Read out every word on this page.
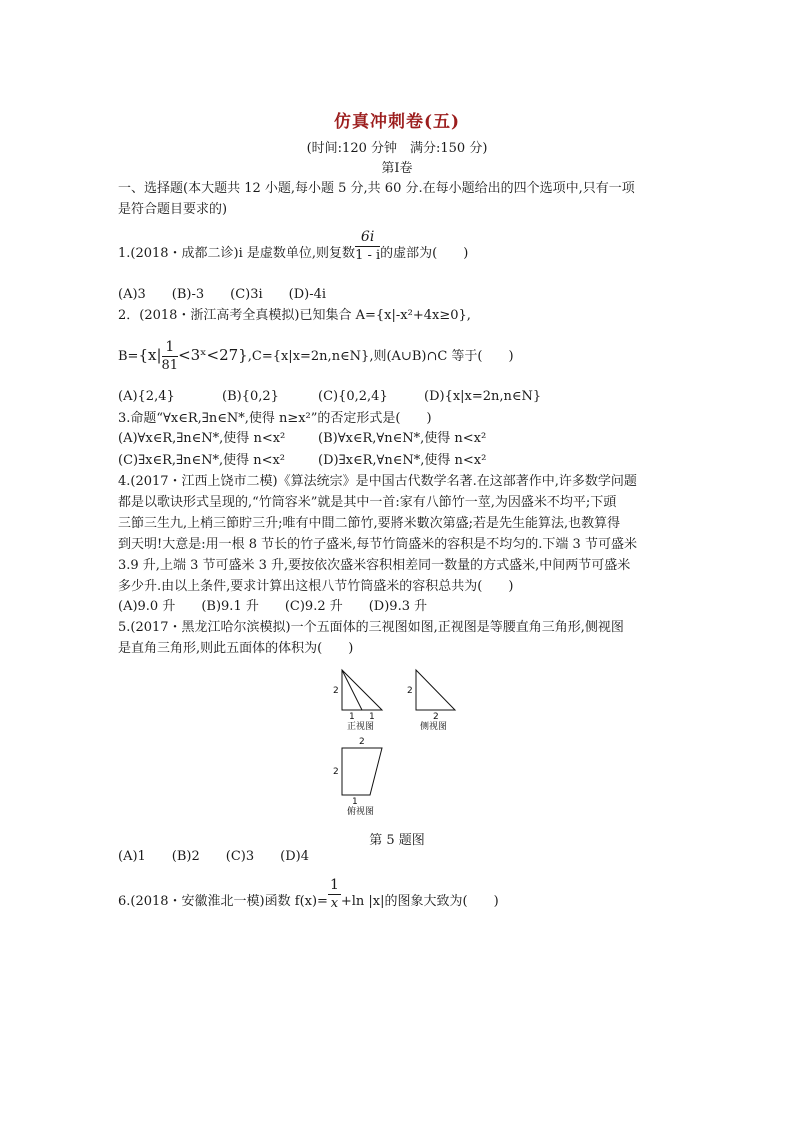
仿真冲刺卷(五)
(时间:120 分钟　满分:150 分)
第Ⅰ卷
一、选择题(本大题共 12 小题,每小题 5 分,共 60 分.在每小题给出的四个选项中,只有一项
是符合题目要求的)
1.(2018・成都二诊)i 是虚数单位,则复数 $\frac{6i}{1 - i}$ 的虚部为(　　)
(A)3　　(B)-3　　(C)3i　　(D)-4i
2．(2018・浙江高考全真模拟)已知集合 A={x|-x²+4x≥0},
$B=\{x| \frac{1}{81}$ <3ˣ<27},C={x|x=2n,n∈N},则(A∪B)∩C 等于(　　)
(A){2,4}	(B){0,2}	(C){0,2,4}	(D){x|x=2n,n∈N}
3.命题“∀x∈R,∃n∈N*,使得 n≥x²”的否定形式是(　　)
(A)∀x∈R,∃n∈N*,使得 n<x²	(B)∀x∈R,∀n∈N*,使得 n<x²
(C)∃x∈R,∃n∈N*,使得 n<x²	(D)∃x∈R,∀n∈N*,使得 n<x²
4.(2017・江西上饶市二模)《算法统宗》是中国古代数学名著.在这部著作中,许多数学问题
都是以歌诀形式呈现的,“竹筒容米”就是其中一首:家有八節竹一莖,为因盛米不均平;下頭
三節三生九,上梢三節貯三升;唯有中間二節竹,要將米數次第盛;若是先生能算法,也教算得
到天明!大意是:用一根 8 节长的竹子盛米,每节竹筒盛米的容积是不均匀的.下端 3 节可盛米
3.9 升,上端 3 节可盛米 3 升,要按依次盛米容积相差同一数量的方式盛米,中间两节可盛米
多少升.由以上条件,要求计算出这根八节竹筒盛米的容积总共为(　　)
(A)9.0 升　　(B)9.1 升　　(C)9.2 升　　(D)9.3 升
5.(2017・黑龙江哈尔滨模拟)一个五面体的三视图如图,正视图是等腰直角三角形,侧视图
是直角三角形,则此五面体的体积为(　　)
2
1 1
正视图
2
2
侧视图
2
2
1
俯视图
第 5 题图
(A)1　　(B)2　　(C)3　　(D)4
6.(2018・安徽淮北一模)函数 $f(x)= \frac{1}{x} +\ln$ |x|的图象大致为(　　)
